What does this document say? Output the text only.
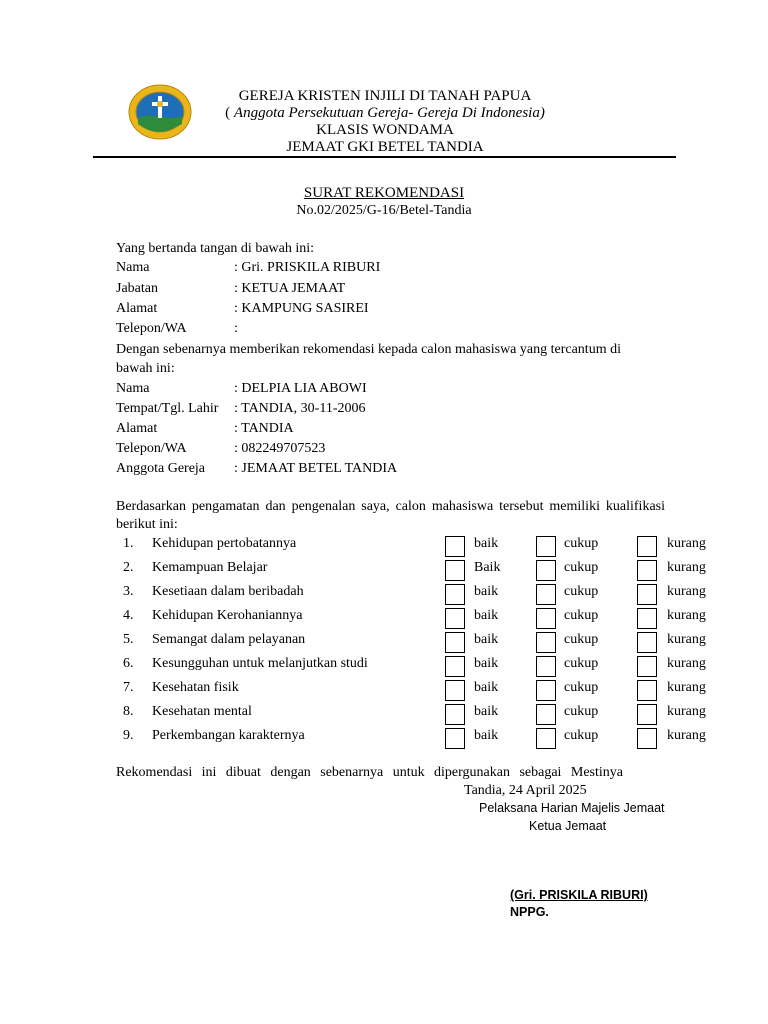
GEREJA KRISTEN INJILI DI TANAH PAPUA
( Anggota Persekutuan Gereja- Gereja Di Indonesia)
KLASIS WONDAMA
JEMAAT GKI BETEL TANDIA
SURAT REKOMENDASI
No.02/2025/G-16/Betel-Tandia
Yang bertanda tangan di bawah ini:
Nama	: Gri. PRISKILA RIBURI
Jabatan	: KETUA JEMAAT
Alamat	: KAMPUNG SASIREI
Telepon/WA	:
Dengan sebenarnya memberikan rekomendasi kepada calon mahasiswa yang tercantum di
bawah ini:
Nama	: DELPIA LIA ABOWI
Tempat/Tgl. Lahir : TANDIA, 30-11-2006
Alamat	: TANDIA
Telepon/WA	: 082249707523
Anggota Gereja : JEMAAT BETEL TANDIA
Berdasarkan pengamatan dan pengenalan saya, calon mahasiswa tersebut memiliki kualifikasi
berikut ini:
1. Kehidupan pertobatannya	baik	cukup	kurang
2. Kemampuan Belajar	Baik	cukup	kurang
3. Kesetiaan dalam beribadah	baik	cukup	kurang
4. Kehidupan Kerohaniannya	baik	cukup	kurang
5. Semangat dalam pelayanan	baik	cukup	kurang
6. Kesungguhan untuk melanjutkan studi	baik	cukup	kurang
7. Kesehatan fisik	baik	cukup	kurang
8. Kesehatan mental	baik	cukup	kurang
9. Perkembangan karakternya	baik	cukup	kurang
Rekomendasi ini dibuat dengan sebenarnya untuk dipergunakan sebagai Mestinya
Tandia, 24 April 2025
Pelaksana Harian Majelis Jemaat
Ketua Jemaat
(Gri. PRISKILA RIBURI)
NPPG.
